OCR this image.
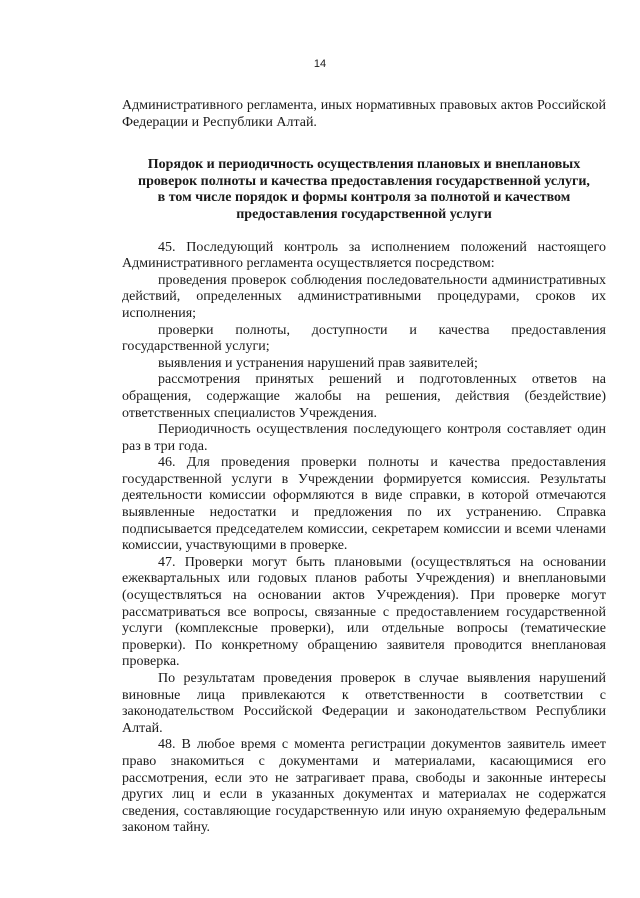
14

Административного регламента, иных нормативных правовых актов Российской Федерации и Республики Алтай.

Порядок и периодичность осуществления плановых и внеплановых
проверок полноты и качества предоставления государственной услуги,
в том числе порядок и формы контроля за полнотой и качеством
предоставления государственной услуги

45. Последующий контроль за исполнением положений настоящего Административного регламента осуществляется посредством:

проведения проверок соблюдения последовательности административных действий, определенных административными процедурами, сроков их исполнения;

проверки полноты, доступности и качества предоставления государственной услуги;

выявления и устранения нарушений прав заявителей;

рассмотрения принятых решений и подготовленных ответов на обращения, содержащие жалобы на решения, действия (бездействие) ответственных специалистов Учреждения.

Периодичность осуществления последующего контроля составляет один раз в три года.

46. Для проведения проверки полноты и качества предоставления государственной услуги в Учреждении формируется комиссия. Результаты деятельности комиссии оформляются в виде справки, в которой отмечаются выявленные недостатки и предложения по их устранению. Справка подписывается председателем комиссии, секретарем комиссии и всеми членами комиссии, участвующими в проверке.

47. Проверки могут быть плановыми (осуществляться на основании ежеквартальных или годовых планов работы Учреждения) и внеплановыми (осуществляться на основании актов Учреждения). При проверке могут рассматриваться все вопросы, связанные с предоставлением государственной услуги (комплексные проверки), или отдельные вопросы (тематические проверки). По конкретному обращению заявителя проводится внеплановая проверка.

По результатам проведения проверок в случае выявления нарушений виновные лица привлекаются к ответственности в соответствии с законодательством Российской Федерации и законодательством Республики Алтай.

48. В любое время с момента регистрации документов заявитель имеет право знакомиться с документами и материалами, касающимися его рассмотрения, если это не затрагивает права, свободы и законные интересы других лиц и если в указанных документах и материалах не содержатся сведения, составляющие государственную или иную охраняемую федеральным законом тайну.
